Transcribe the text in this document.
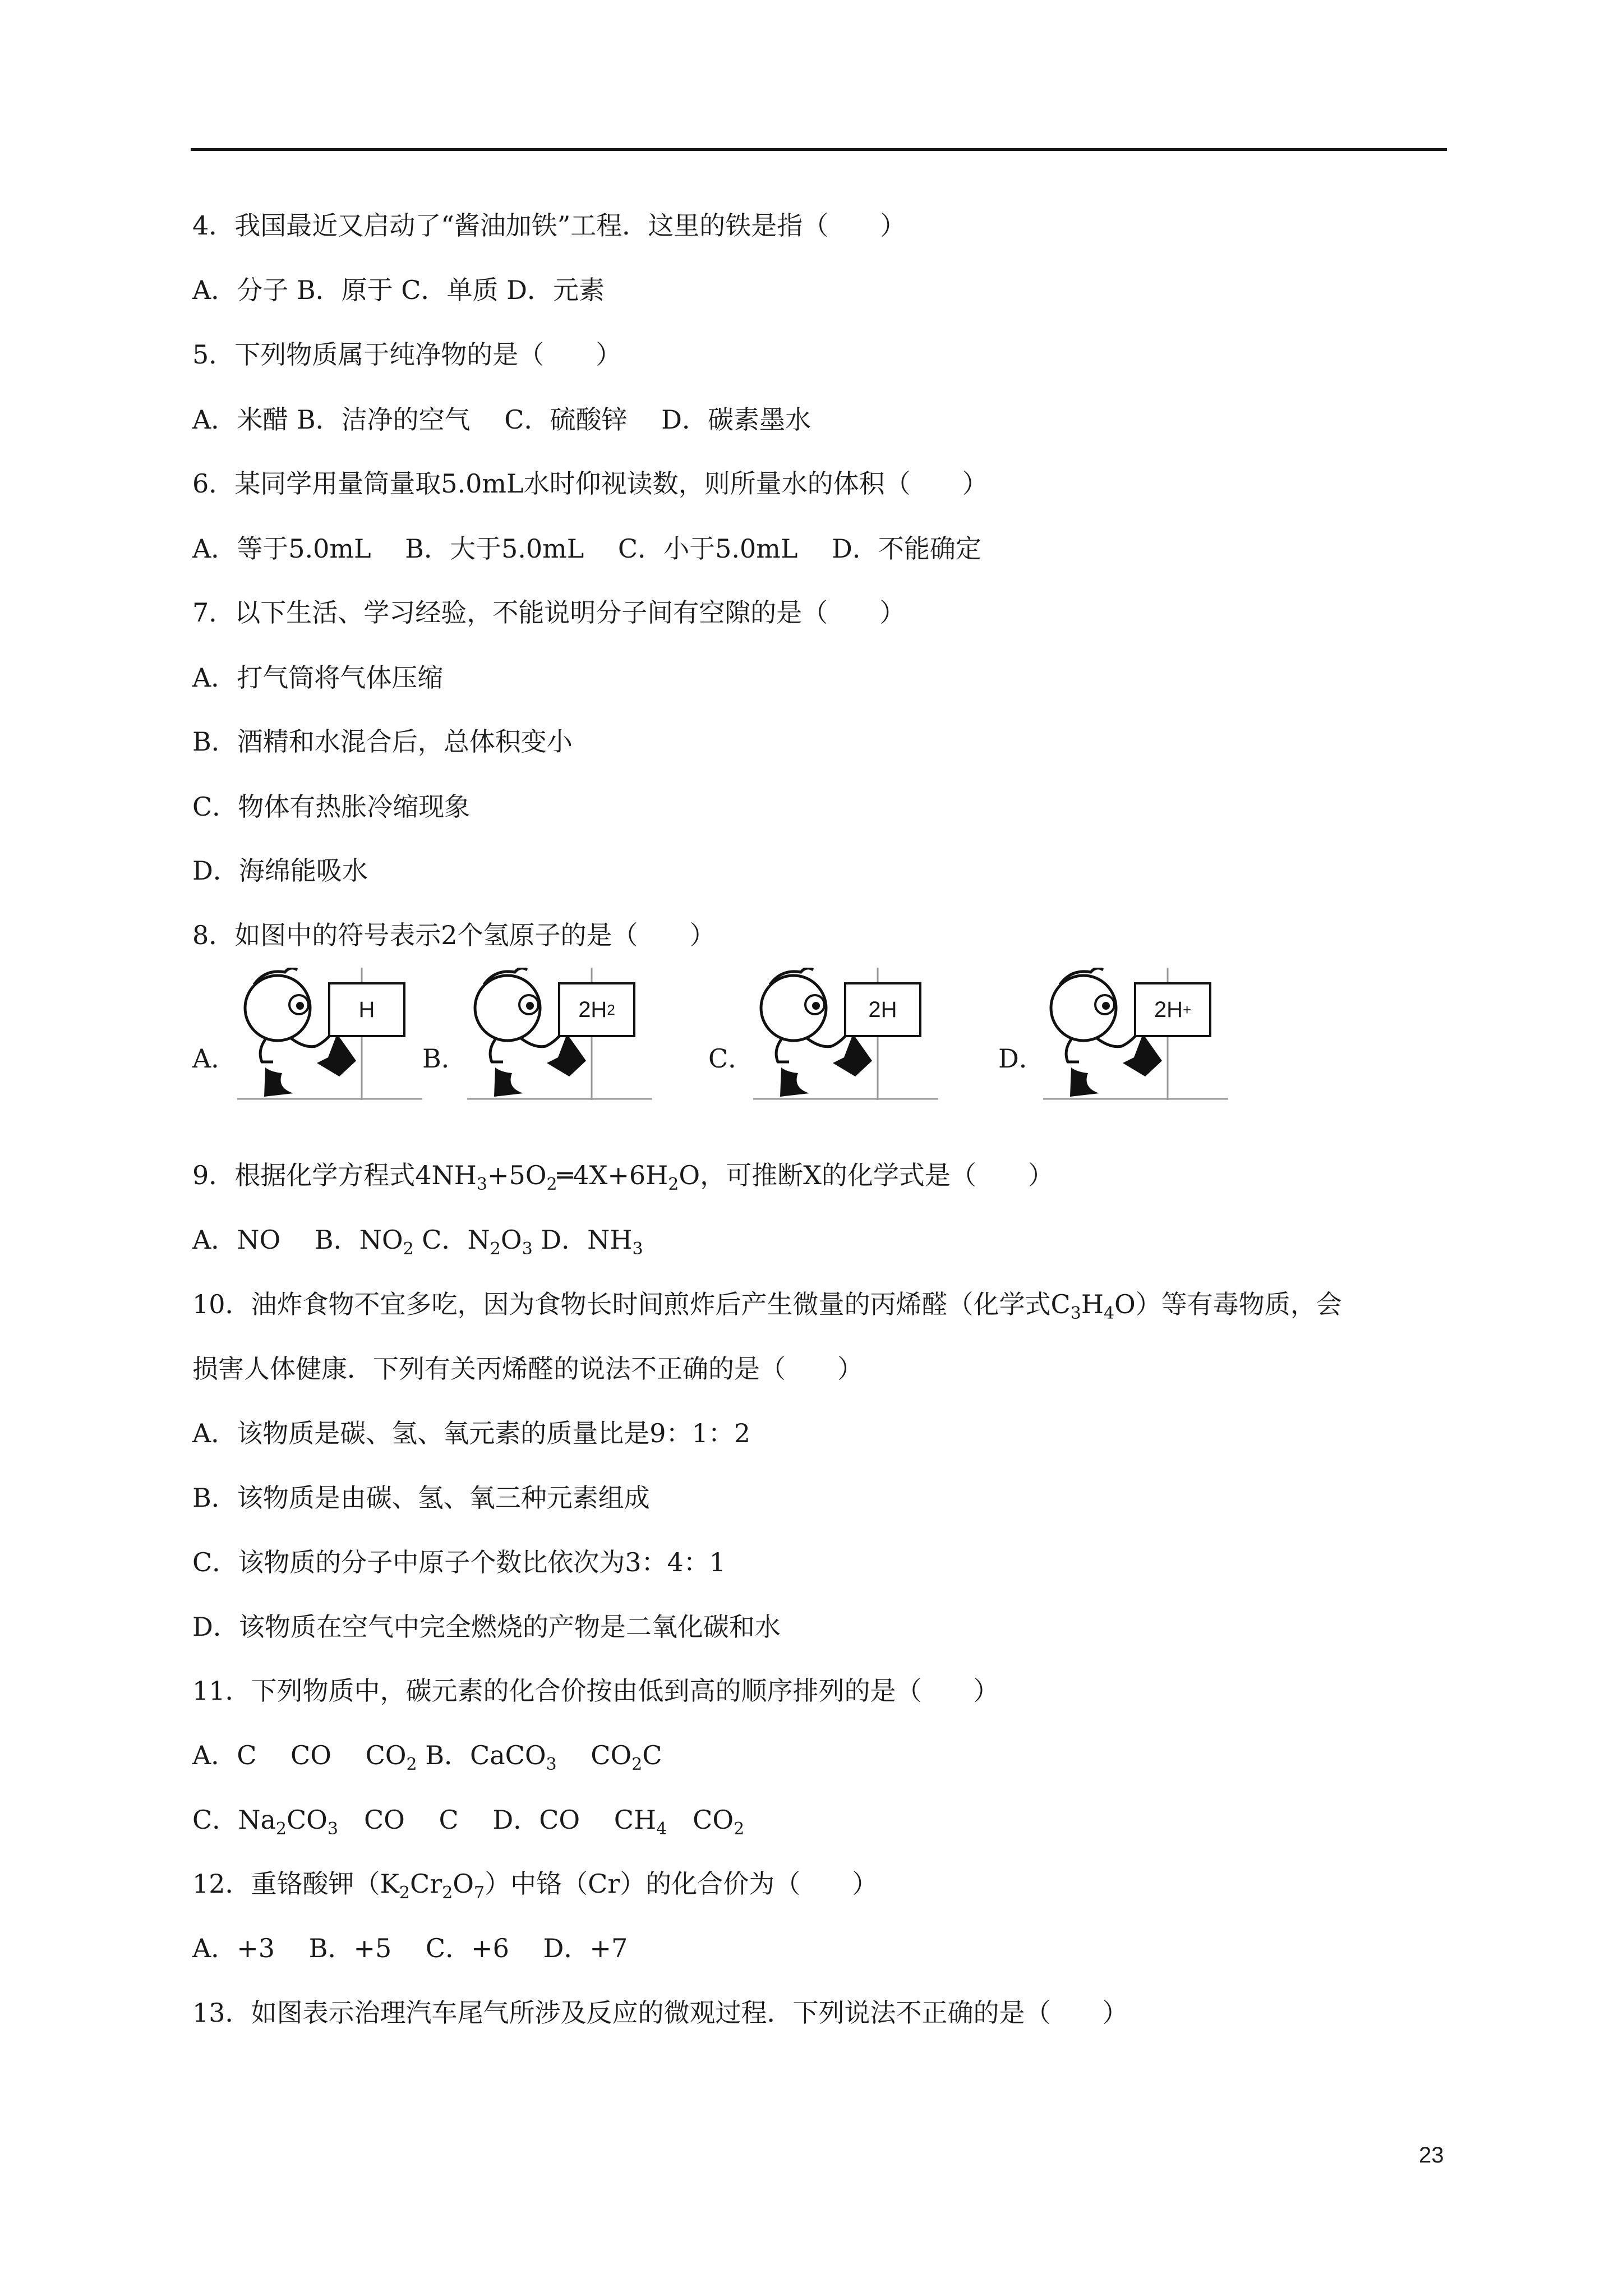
4．我国最近又启动了“酱油加铁”工程．这里的铁是指（　　）
A．分子 B．原于 C．单质 D．元素
5．下列物质属于纯净物的是（　　）
A．米醋 B．洁净的空气　 C．硫酸锌　 D．碳素墨水
6．某同学用量筒量取5.0mL水时仰视读数，则所量水的体积（　　）
A．等于5.0mL　 B．大于5.0mL　 C．小于5.0mL　 D．不能确定
7．以下生活、学习经验，不能说明分子间有空隙的是（　　）
A．打气筒将气体压缩
B．酒精和水混合后，总体积变小
C．物体有热胀冷缩现象
D．海绵能吸水
8．如图中的符号表示2个氢原子的是（　　）
A．
H
B．
2H 2
C．
2H
D．
2H +
9．根据化学方程式$4NH_3+5O_2═4X+6H_2O$，可推断X的化学式是（　　）
A．NO　 B．$NO_2$ C．$N_2O_3$ D．$NH_3$
10．油炸食物不宜多吃，因为食物长时间煎炸后产生微量的丙烯醛（化学式$C_3H_4O$）等有毒物质，会
损害人体健康．下列有关丙烯醛的说法不正确的是（　　）
A．该物质是碳、氢、氧元素的质量比是9：1：2
B．该物质是由碳、氢、氧三种元素组成
C．该物质的分子中原子个数比依次为3：4：1
D．该物质在空气中完全燃烧的产物是二氧化碳和水
11．下列物质中，碳元素的化合价按由低到高的顺序排列的是（　　）
A．C　 CO　 $CO_2$ B．CaCO$_3$　 $CO_2C$
C．$Na_2CO_3$　CO　 C　 D．CO　 $CH_4$　$CO_2$
12．重铬酸钾$(K_2Cr_2O_7)$中铬（Cr）的化合价为（　　）
A．+3　 B．+5　 C．+6　 D．+7
13．如图表示治理汽车尾气所涉及反应的微观过程．下列说法不正确的是（　　）
23
